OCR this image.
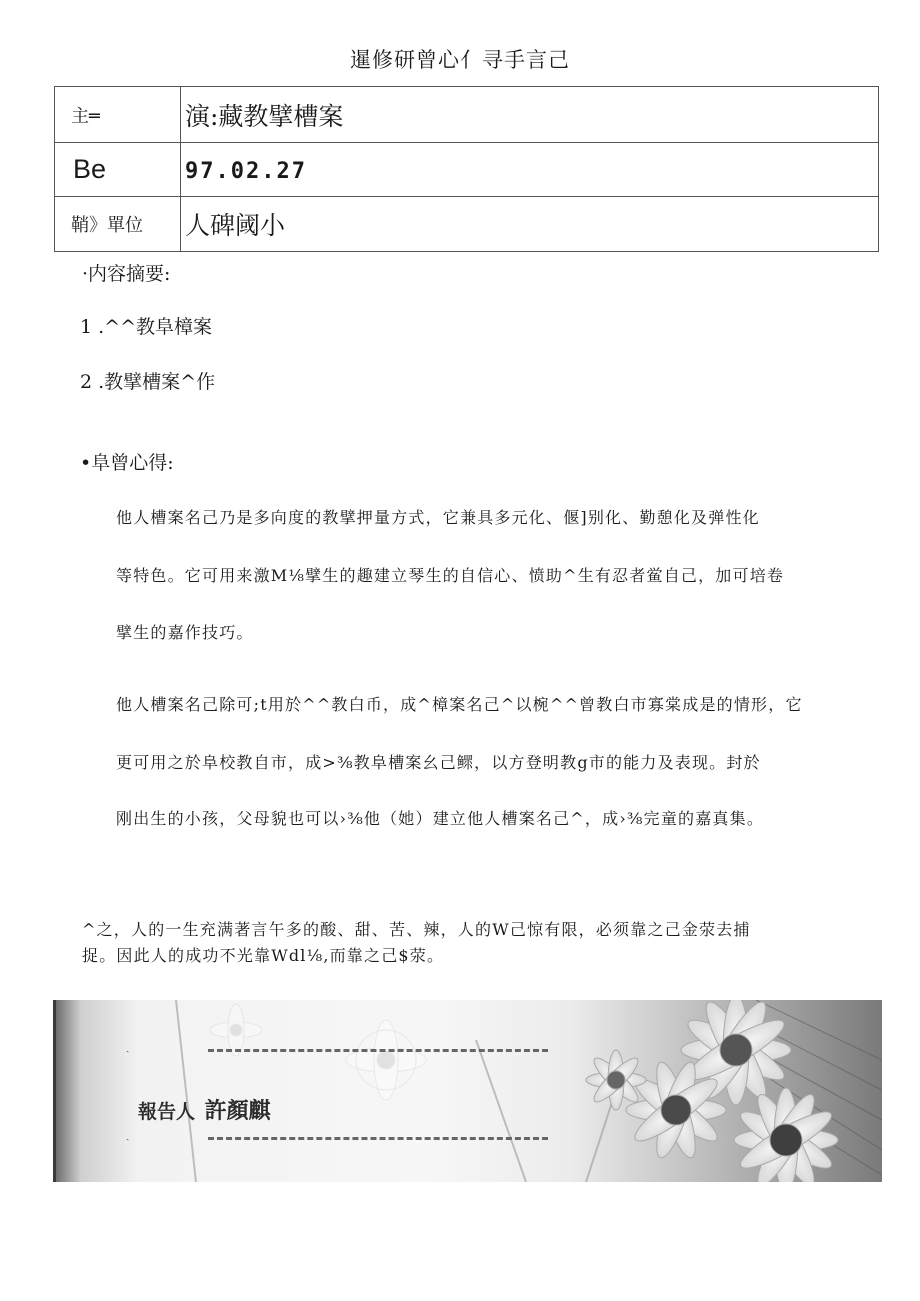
暹修研曾心亻寻手言己
主═	演:藏教擘槽案
Be	97.02.27
鞘》單位	人碑阈小
·内容摘要:
1 .^^教阜樟案
2 .教擘槽案^作
•阜曾心得:
他人槽案名己乃是多向度的教擘押量方式，它兼具多元化、偃]别化、勤憩化及弹性化
等特色。它可用来激M⅛擘生的趣建立琴生的自信心、愤助^生有忍者鲎自己，加可培卷
擘生的嘉作技巧。
他人槽案名己除可;t用於^^教白币，成^樟案名己^以椀^^曾教白市寡棠成是的情形，它
更可用之於阜校教自市，成>⅜教阜槽案幺己鳏，以方登明教g市的能力及表现。封於
刚出生的小孩，父母貌也可以›⅜他（她）建立他人槽案名己^，成›⅜完童的嘉真集。
^之，人的一生充满著言午多的酸、甜、苦、辣，人的W己惊有限，必须靠之己金荥去捕
捉。因此人的成功不光靠Wdl⅛,而靠之己$荥。
ˏ
報告人 許顏麒
ˏ
